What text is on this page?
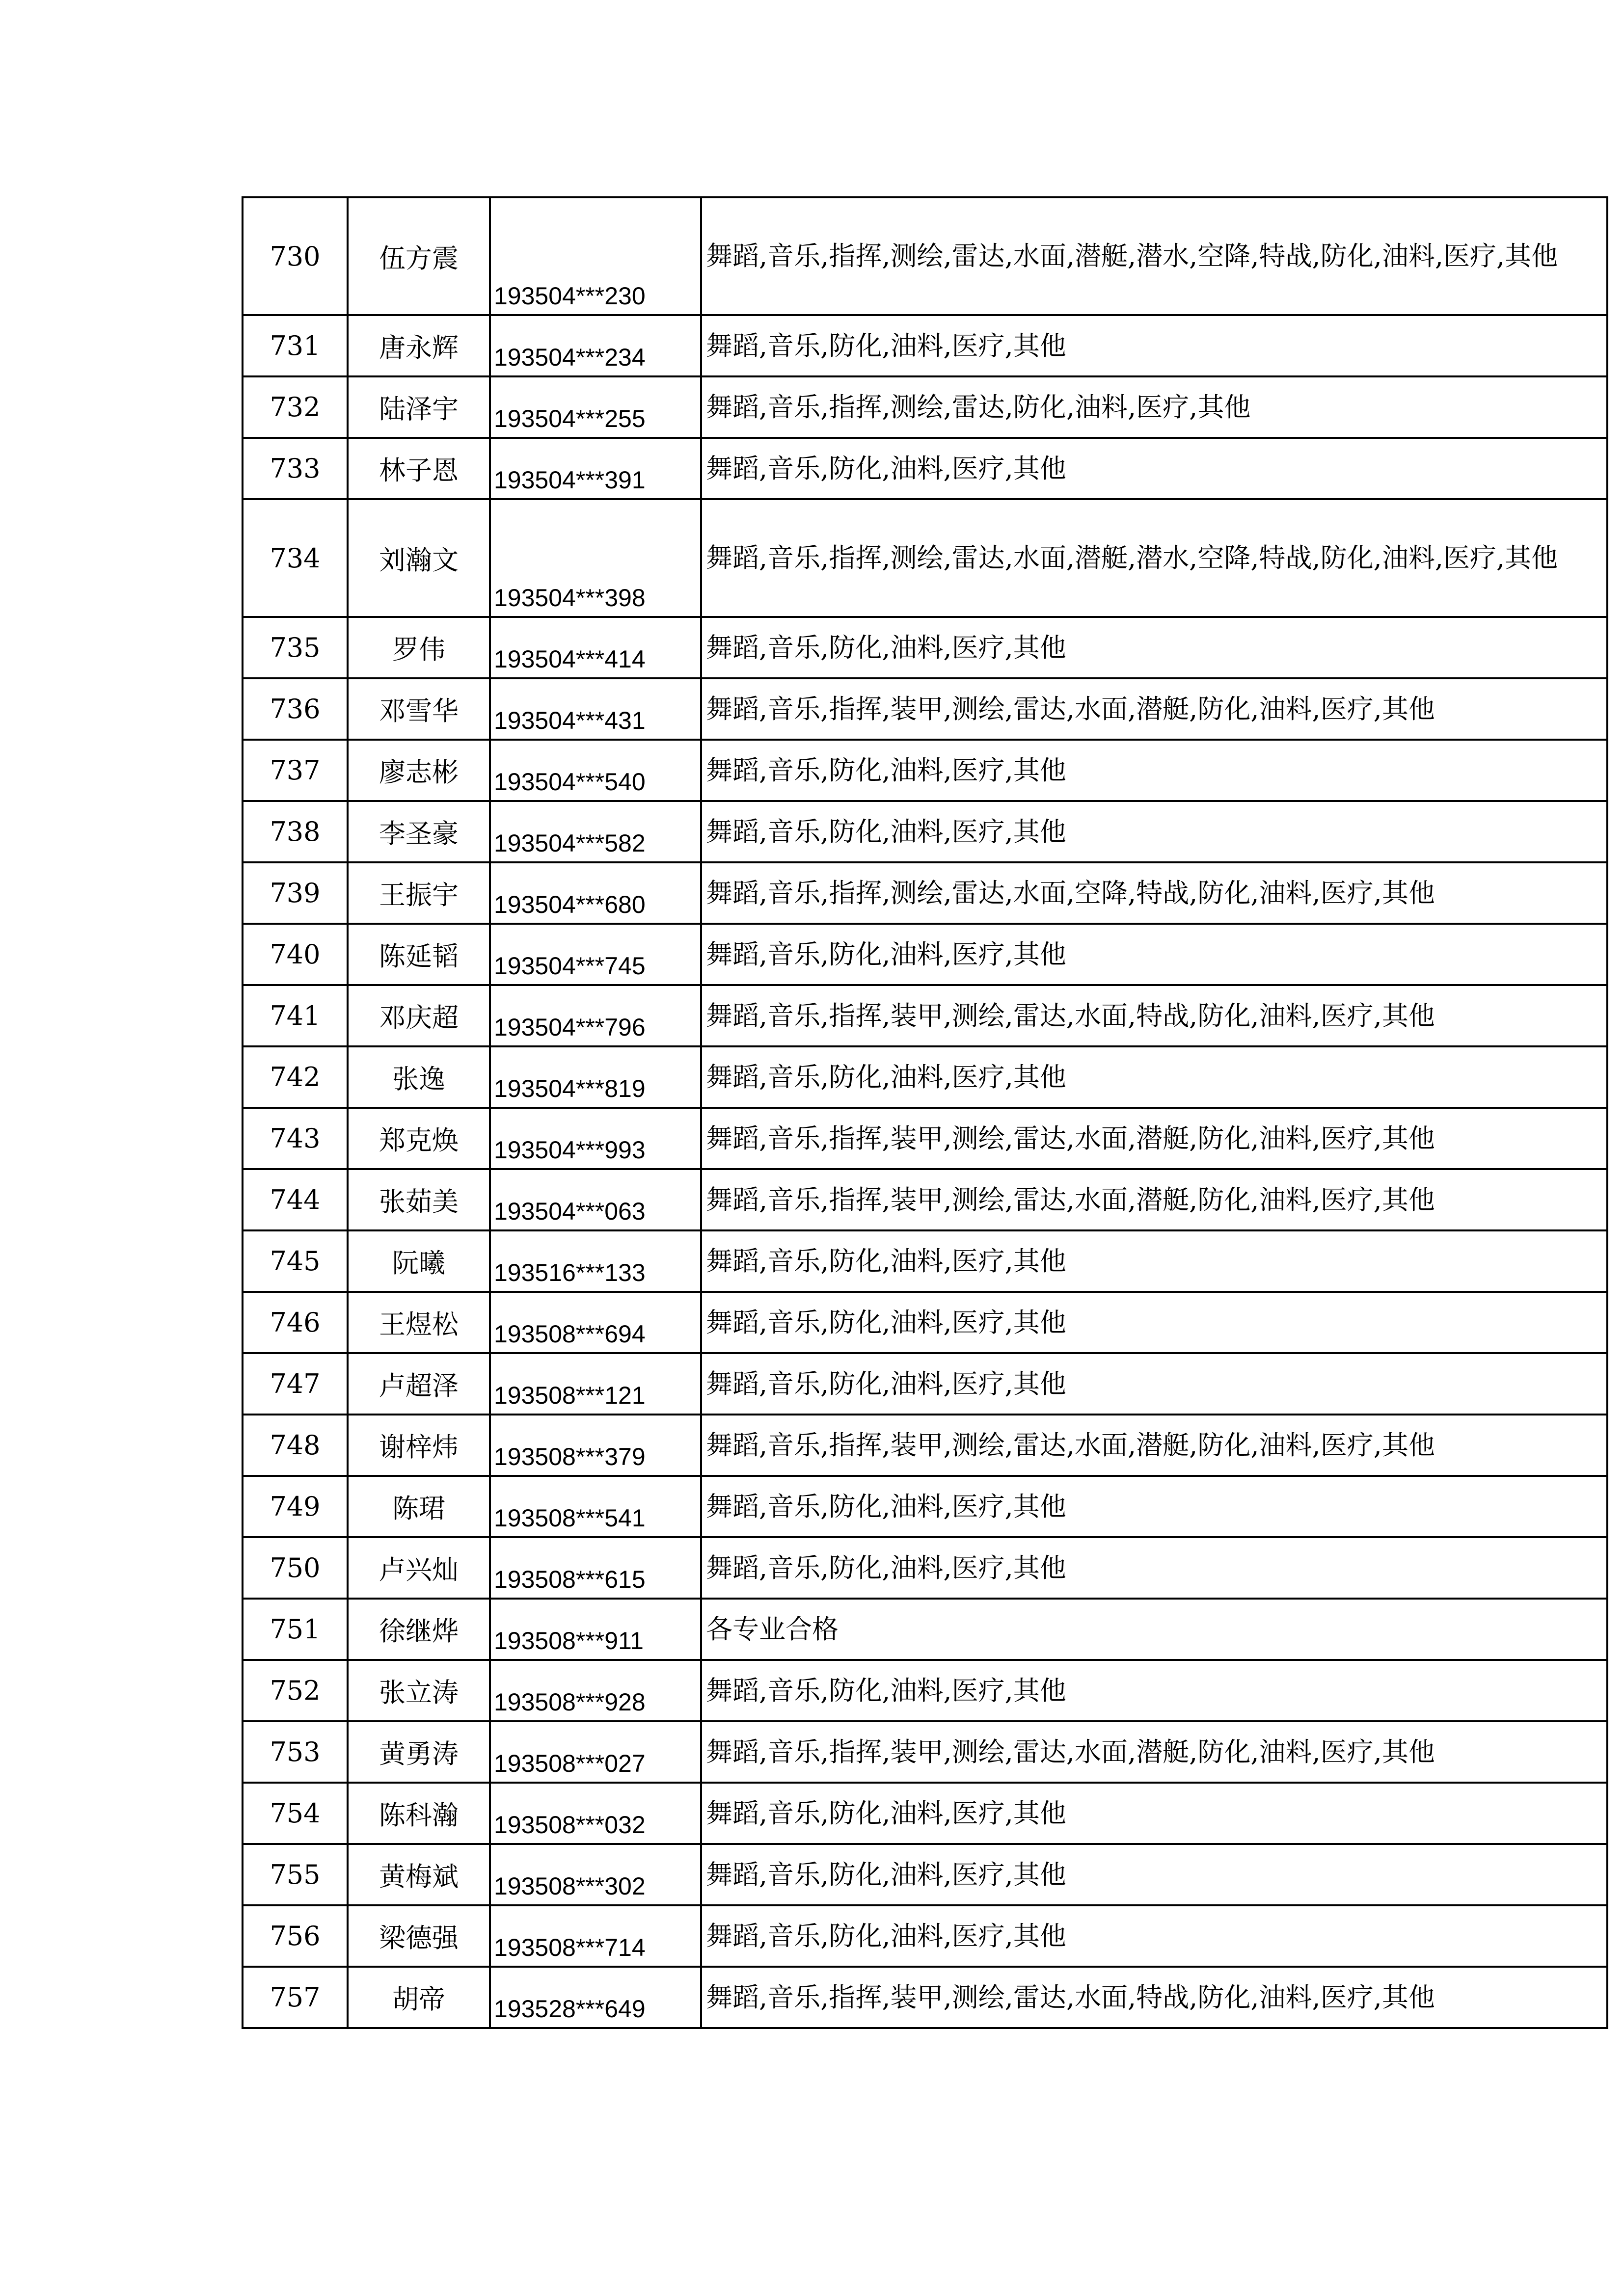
730	伍方震	193504***230	舞蹈,音乐,指挥,测绘,雷达,水面,潜艇,潜水,空降,特战,防化,油料,医疗,其他
731	唐永辉	193504***234	舞蹈,音乐,防化,油料,医疗,其他
732	陆泽宇	193504***255	舞蹈,音乐,指挥,测绘,雷达,防化,油料,医疗,其他
733	林子恩	193504***391	舞蹈,音乐,防化,油料,医疗,其他
734	刘瀚文	193504***398	舞蹈,音乐,指挥,测绘,雷达,水面,潜艇,潜水,空降,特战,防化,油料,医疗,其他
735	罗伟	193504***414	舞蹈,音乐,防化,油料,医疗,其他
736	邓雪华	193504***431	舞蹈,音乐,指挥,装甲,测绘,雷达,水面,潜艇,防化,油料,医疗,其他
737	廖志彬	193504***540	舞蹈,音乐,防化,油料,医疗,其他
738	李圣豪	193504***582	舞蹈,音乐,防化,油料,医疗,其他
739	王振宇	193504***680	舞蹈,音乐,指挥,测绘,雷达,水面,空降,特战,防化,油料,医疗,其他
740	陈延韬	193504***745	舞蹈,音乐,防化,油料,医疗,其他
741	邓庆超	193504***796	舞蹈,音乐,指挥,装甲,测绘,雷达,水面,特战,防化,油料,医疗,其他
742	张逸	193504***819	舞蹈,音乐,防化,油料,医疗,其他
743	郑克焕	193504***993	舞蹈,音乐,指挥,装甲,测绘,雷达,水面,潜艇,防化,油料,医疗,其他
744	张茹美	193504***063	舞蹈,音乐,指挥,装甲,测绘,雷达,水面,潜艇,防化,油料,医疗,其他
745	阮曦	193516***133	舞蹈,音乐,防化,油料,医疗,其他
746	王煜松	193508***694	舞蹈,音乐,防化,油料,医疗,其他
747	卢超泽	193508***121	舞蹈,音乐,防化,油料,医疗,其他
748	谢梓炜	193508***379	舞蹈,音乐,指挥,装甲,测绘,雷达,水面,潜艇,防化,油料,医疗,其他
749	陈珺	193508***541	舞蹈,音乐,防化,油料,医疗,其他
750	卢兴灿	193508***615	舞蹈,音乐,防化,油料,医疗,其他
751	徐继烨	193508***911	各专业合格
752	张立涛	193508***928	舞蹈,音乐,防化,油料,医疗,其他
753	黄勇涛	193508***027	舞蹈,音乐,指挥,装甲,测绘,雷达,水面,潜艇,防化,油料,医疗,其他
754	陈科瀚	193508***032	舞蹈,音乐,防化,油料,医疗,其他
755	黄梅斌	193508***302	舞蹈,音乐,防化,油料,医疗,其他
756	梁德强	193508***714	舞蹈,音乐,防化,油料,医疗,其他
757	胡帝	193528***649	舞蹈,音乐,指挥,装甲,测绘,雷达,水面,特战,防化,油料,医疗,其他
